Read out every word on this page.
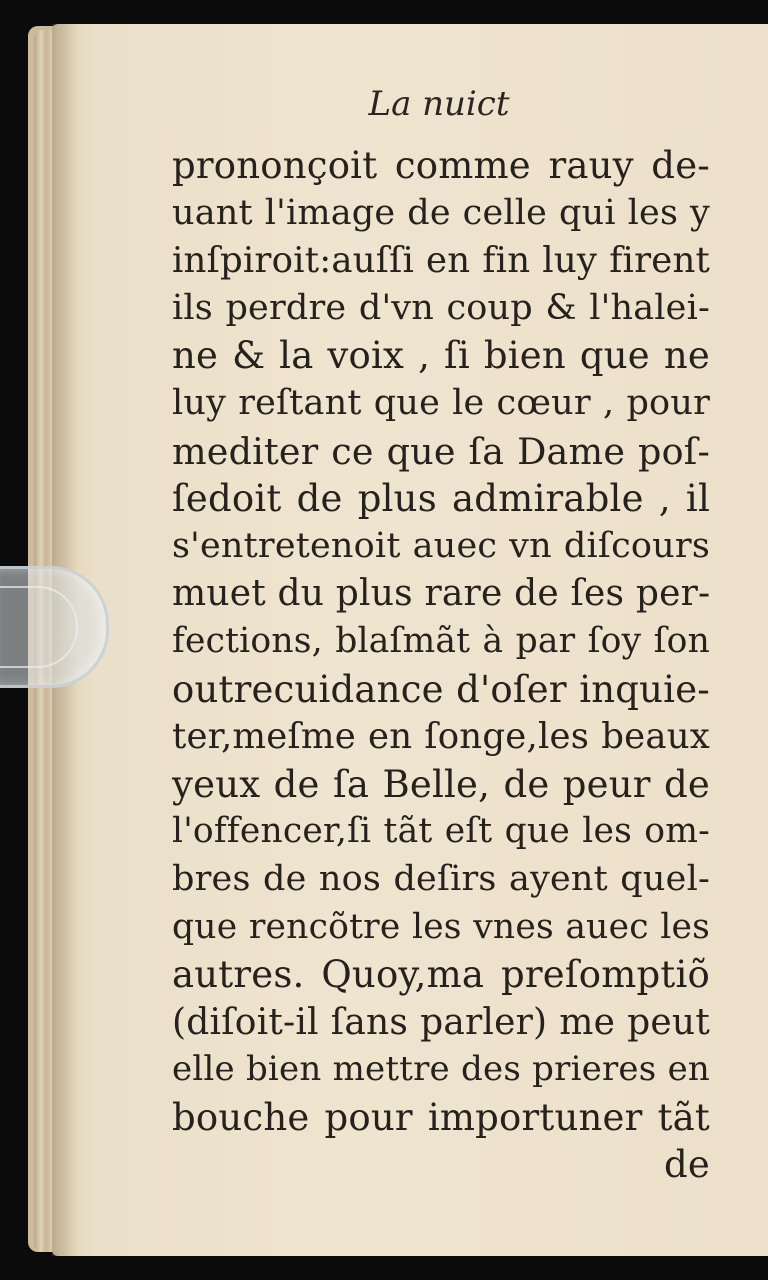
La nuict
prononçoit comme rauy de-
uant l'image de celle qui les y
inſpiroit:auſſi en fin luy firent
ils perdre d'vn coup & l'halei-
ne & la voix , ſi bien que ne
luy reſtant que le cœur , pour
mediter ce que ſa Dame poſ-
ſedoit de plus admirable , il
s'entretenoit auec vn diſcours
muet du plus rare de ſes per-
fections, blaſmãt à par ſoy ſon
outrecuidance d'oſer inquie-
ter,meſme en ſonge,les beaux
yeux de ſa Belle, de peur de
l'offencer,ſi tãt eſt que les om-
bres de nos deſirs ayent quel-
que rencõtre les vnes auec les
autres. Quoy,ma preſomptiõ
(diſoit-il ſans parler) me peut
elle bien mettre des prieres en
bouche pour importuner tãt
de
